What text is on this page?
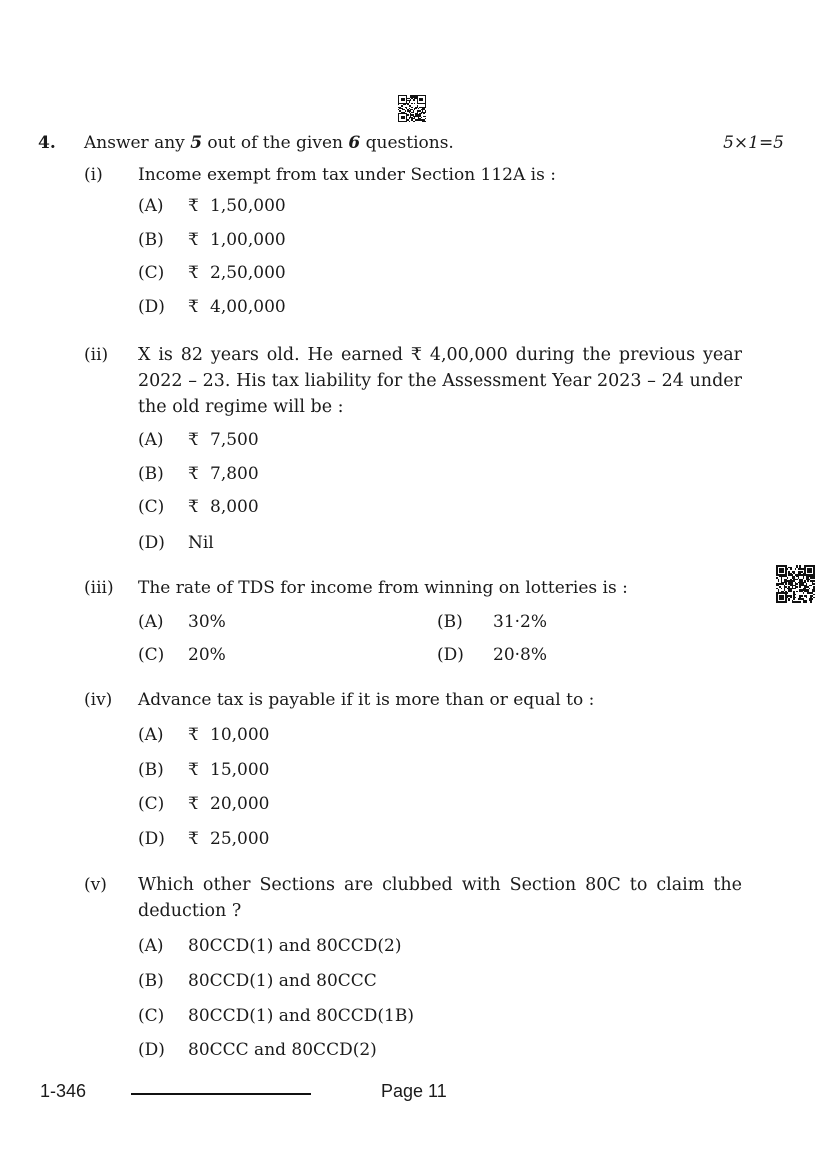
4. Answer any 5 out of the given 6 questions.	5×1=5
(i) Income exempt from tax under Section 112A is :
(A) ₹ 1,50,000
(B) ₹ 1,00,000
(C) ₹ 2,50,000
(D) ₹ 4,00,000
(ii) X is 82 years old. He earned ₹ 4,00,000 during the previous year 2022 – 23. His tax liability for the Assessment Year 2023 – 24 under the old regime will be :
(A) ₹ 7,500
(B) ₹ 7,800
(C) ₹ 8,000
(D) Nil
(iii) The rate of TDS for income from winning on lotteries is :
(A) 30%	(B) 31·2%
(C) 20%	(D) 20·8%
(iv) Advance tax is payable if it is more than or equal to :
(A) ₹ 10,000
(B) ₹ 15,000
(C) ₹ 20,000
(D) ₹ 25,000
(v) Which other Sections are clubbed with Section 80C to claim the deduction ?
(A) 80CCD(1) and 80CCD(2)
(B) 80CCD(1) and 80CCC
(C) 80CCD(1) and 80CCD(1B)
(D) 80CCC and 80CCD(2)
1-346	Page 11
